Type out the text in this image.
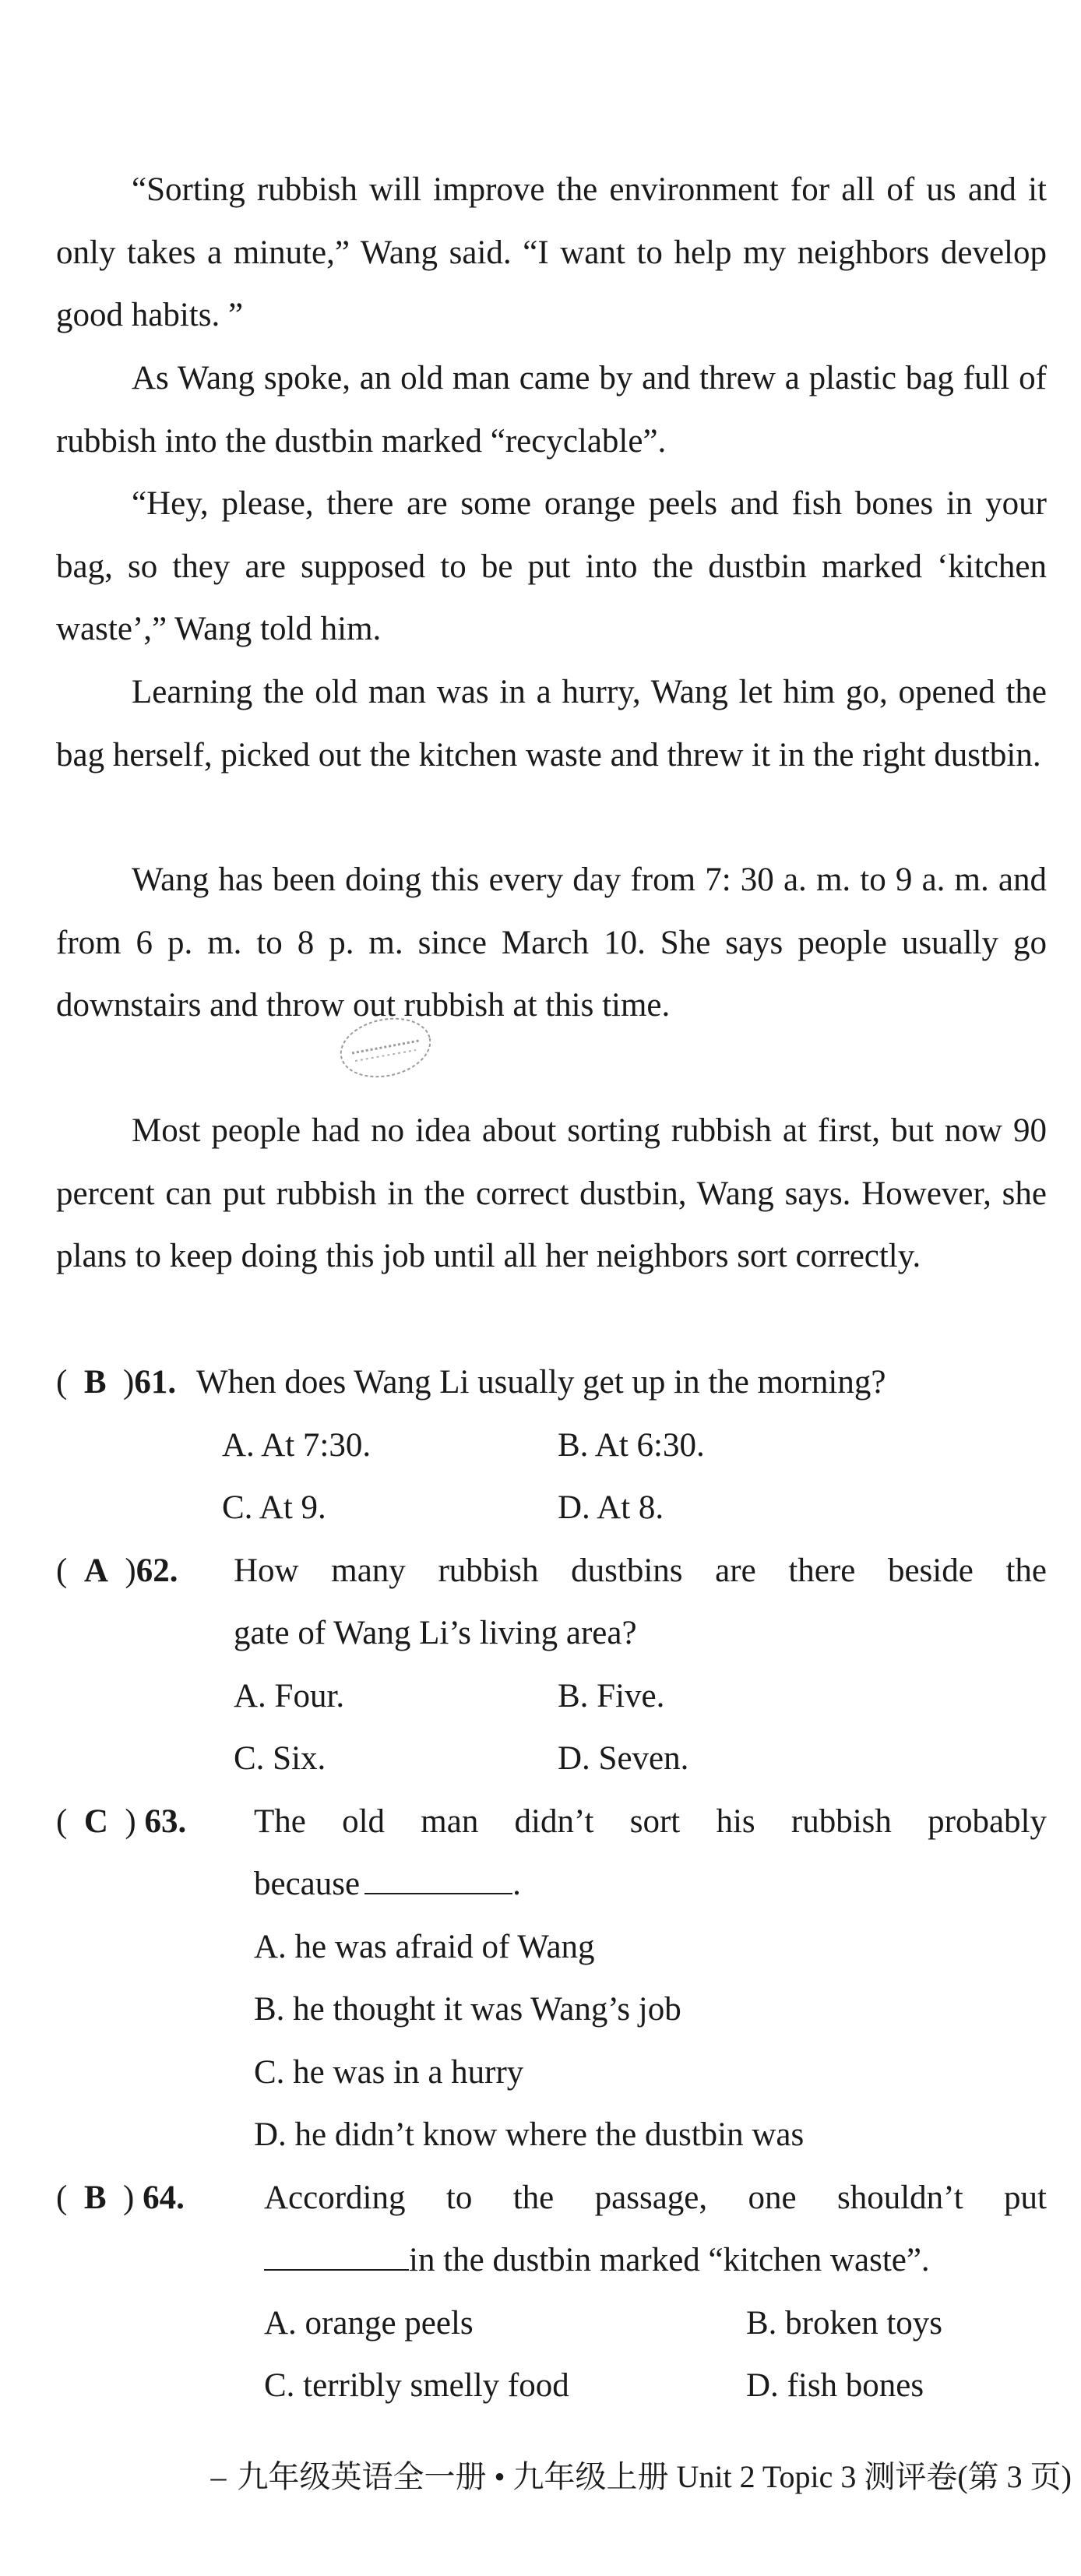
“Sorting rubbish will improve the environment for all of us and it only takes a minute,” Wang said. “I want to help my neighbors develop good habits. ”

As Wang spoke, an old man came by and threw a plastic bag full of rubbish into the dustbin marked “recyclable”.

“Hey, please, there are some orange peels and fish bones in your bag, so they are supposed to be put into the dustbin marked ‘kitchen waste’,” Wang told him.

Learning the old man was in a hurry, Wang let him go, opened the bag herself, picked out the kitchen waste and threw it in the right dustbin.

Wang has been doing this every day from 7: 30 a. m. to 9 a. m. and from 6 p. m. to 8 p. m. since March 10. She says people usually go downstairs and throw out rubbish at this time.

Most people had no idea about sorting rubbish at first, but now 90 percent can put rubbish in the correct dustbin, Wang says. However, she plans to keep doing this job until all her neighbors sort correctly.

(  B  )61. When does Wang Li usually get up in the morning?
A. At 7:30.	B. At 6:30.
C. At 9.	D. At 8.
(  A  )62.	How many rubbish dustbins are there beside the
gate of Wang Li’s living area?
A. Four.	B. Five.
C. Six.	D. Seven.
(  C  ) 63.	The old man didn’t sort his rubbish probably
because	.
A. he was afraid of Wang
B. he thought it was Wang’s job
C. he was in a hurry
D. he didn’t know where the dustbin was
(  B  ) 64.	According to the passage, one shouldn’t put
in the dustbin marked “kitchen waste”.
A. orange peels	B. broken toys
C. terribly smelly food	D. fish bones
– 九年级英语全一册 • 九年级上册 Unit 2 Topic 3 测评卷(第 3 页)
